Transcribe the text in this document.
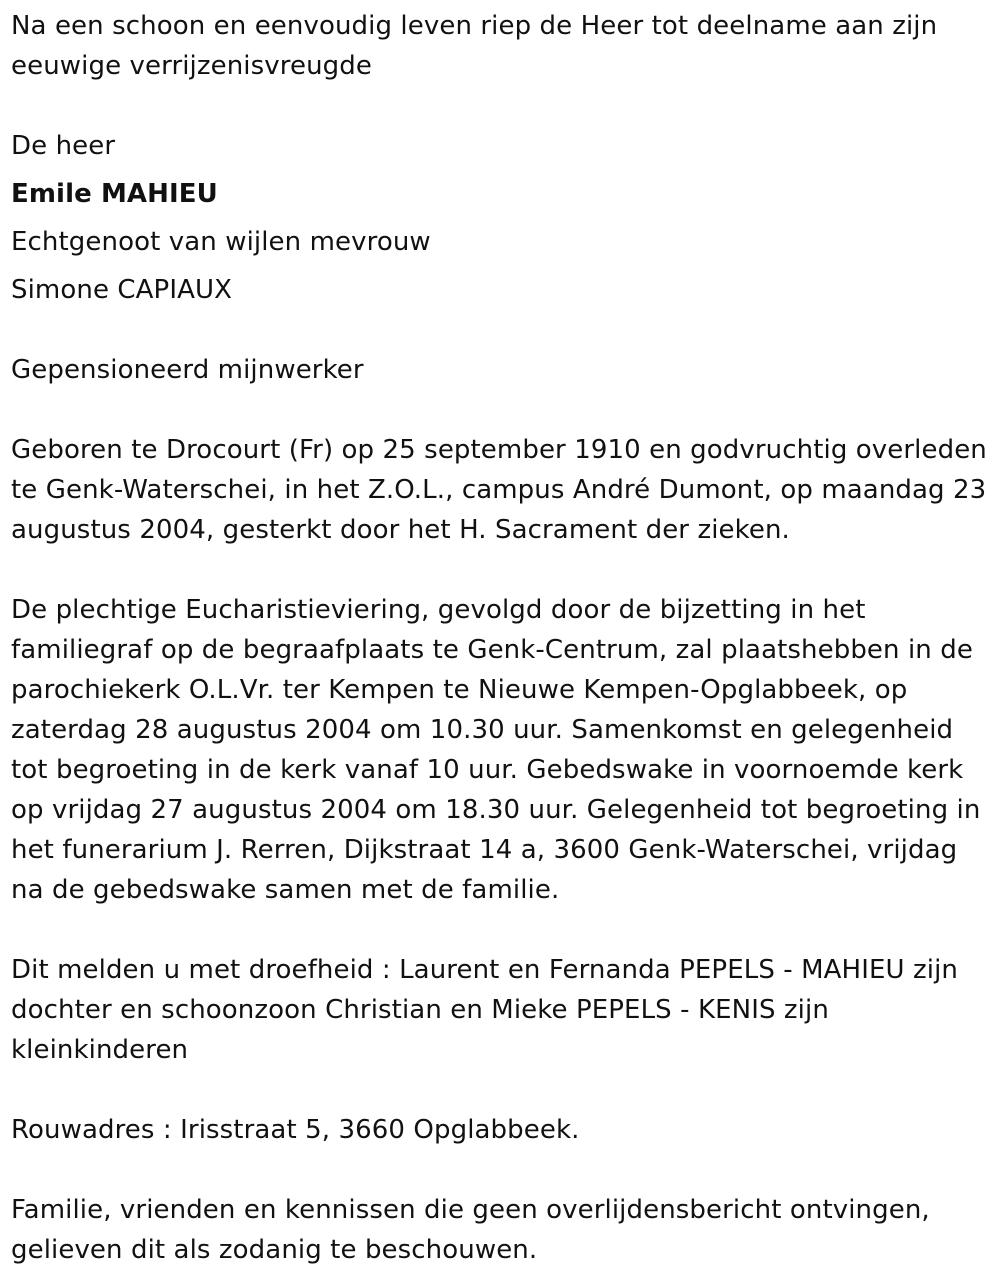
Na een schoon en eenvoudig leven riep de Heer tot deelname aan zijn eeuwige verrijzenisvreugde

De heer

Emile MAHIEU

Echtgenoot van wijlen mevrouw

Simone CAPIAUX

Gepensioneerd mijnwerker

Geboren te Drocourt (Fr) op 25 september 1910 en godvruchtig overleden te Genk-Waterschei, in het Z.O.L., campus André Dumont, op maandag 23 augustus 2004, gesterkt door het H. Sacrament der zieken.

De plechtige Eucharistieviering, gevolgd door de bijzetting in het familiegraf op de begraafplaats te Genk-Centrum, zal plaatshebben in de parochiekerk O.L.Vr. ter Kempen te Nieuwe Kempen-Opglabbeek, op zaterdag 28 augustus 2004 om 10.30 uur. Samenkomst en gelegenheid tot begroeting in de kerk vanaf 10 uur. Gebedswake in voornoemde kerk op vrijdag 27 augustus 2004 om 18.30 uur. Gelegenheid tot begroeting in het funerarium J. Rerren, Dijkstraat 14 a, 3600 Genk-Waterschei, vrijdag na de gebedswake samen met de familie.

Dit melden u met droefheid : Laurent en Fernanda PEPELS - MAHIEU zijn dochter en schoonzoon Christian en Mieke PEPELS - KENIS zijn kleinkinderen

Rouwadres : Irisstraat 5, 3660 Opglabbeek.

Familie, vrienden en kennissen die geen overlijdensbericht ontvingen, gelieven dit als zodanig te beschouwen.
